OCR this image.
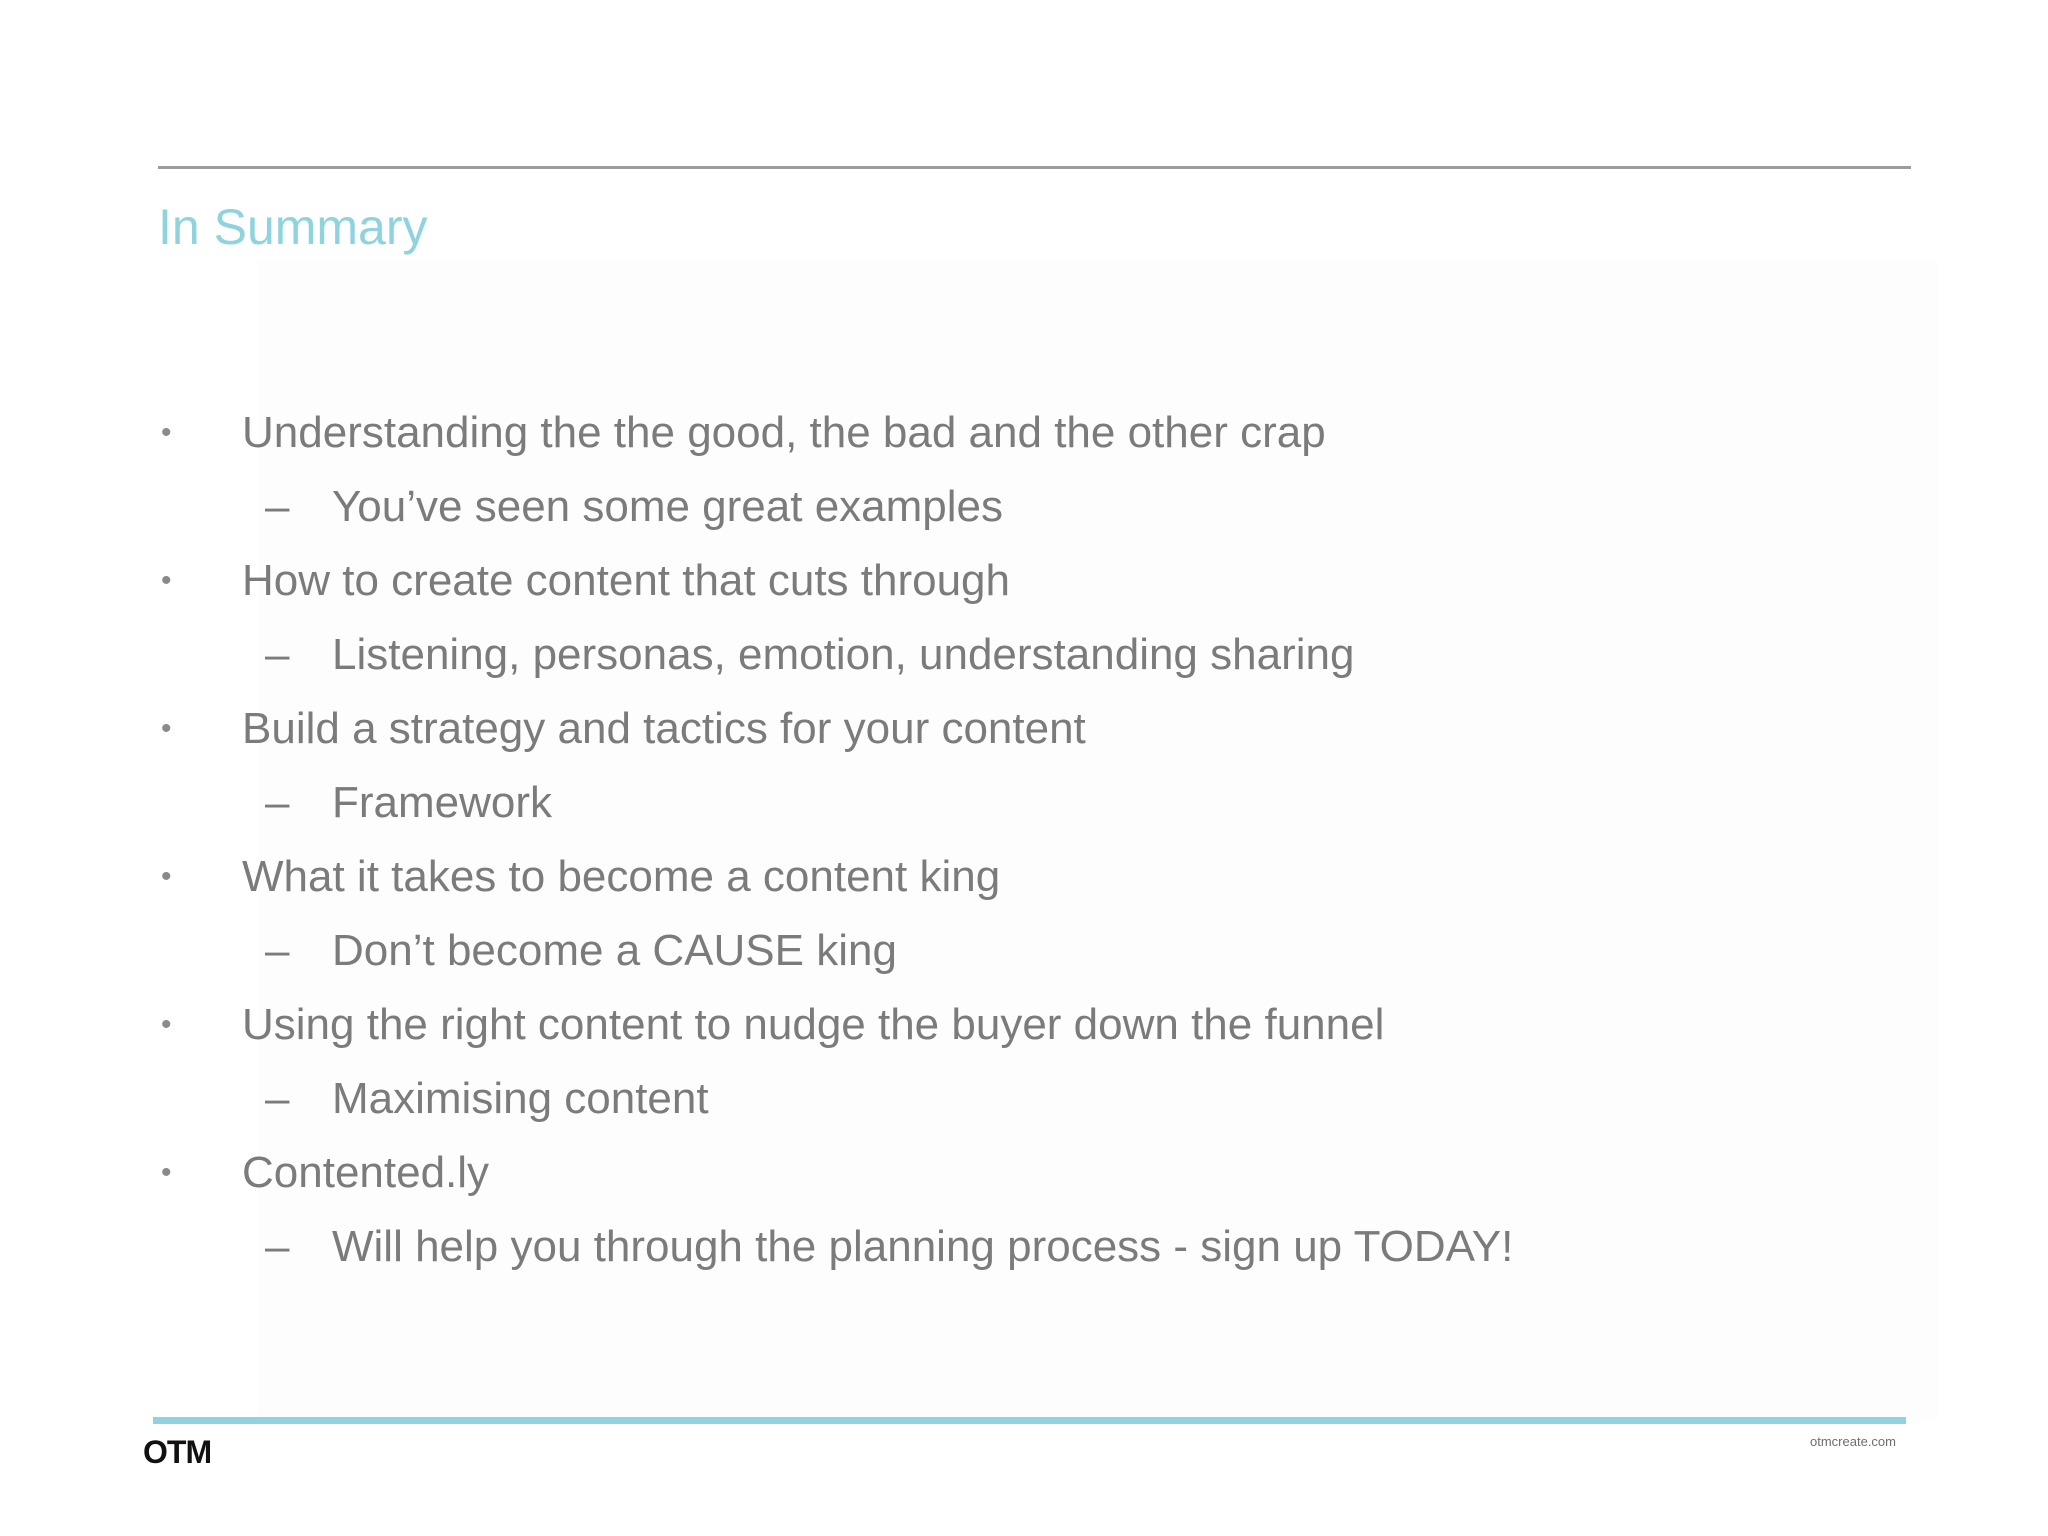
In Summary
• Understanding the the good, the bad and the other crap
– You’ve seen some great examples
• How to create content that cuts through
– Listening, personas, emotion, understanding sharing
• Build a strategy and tactics for your content
– Framework
• What it takes to become a content king
– Don’t become a CAUSE king
• Using the right content to nudge the buyer down the funnel
– Maximising content
• Contented.ly
– Will help you through the planning process - sign up TODAY!
OTM	otmcreate.com
